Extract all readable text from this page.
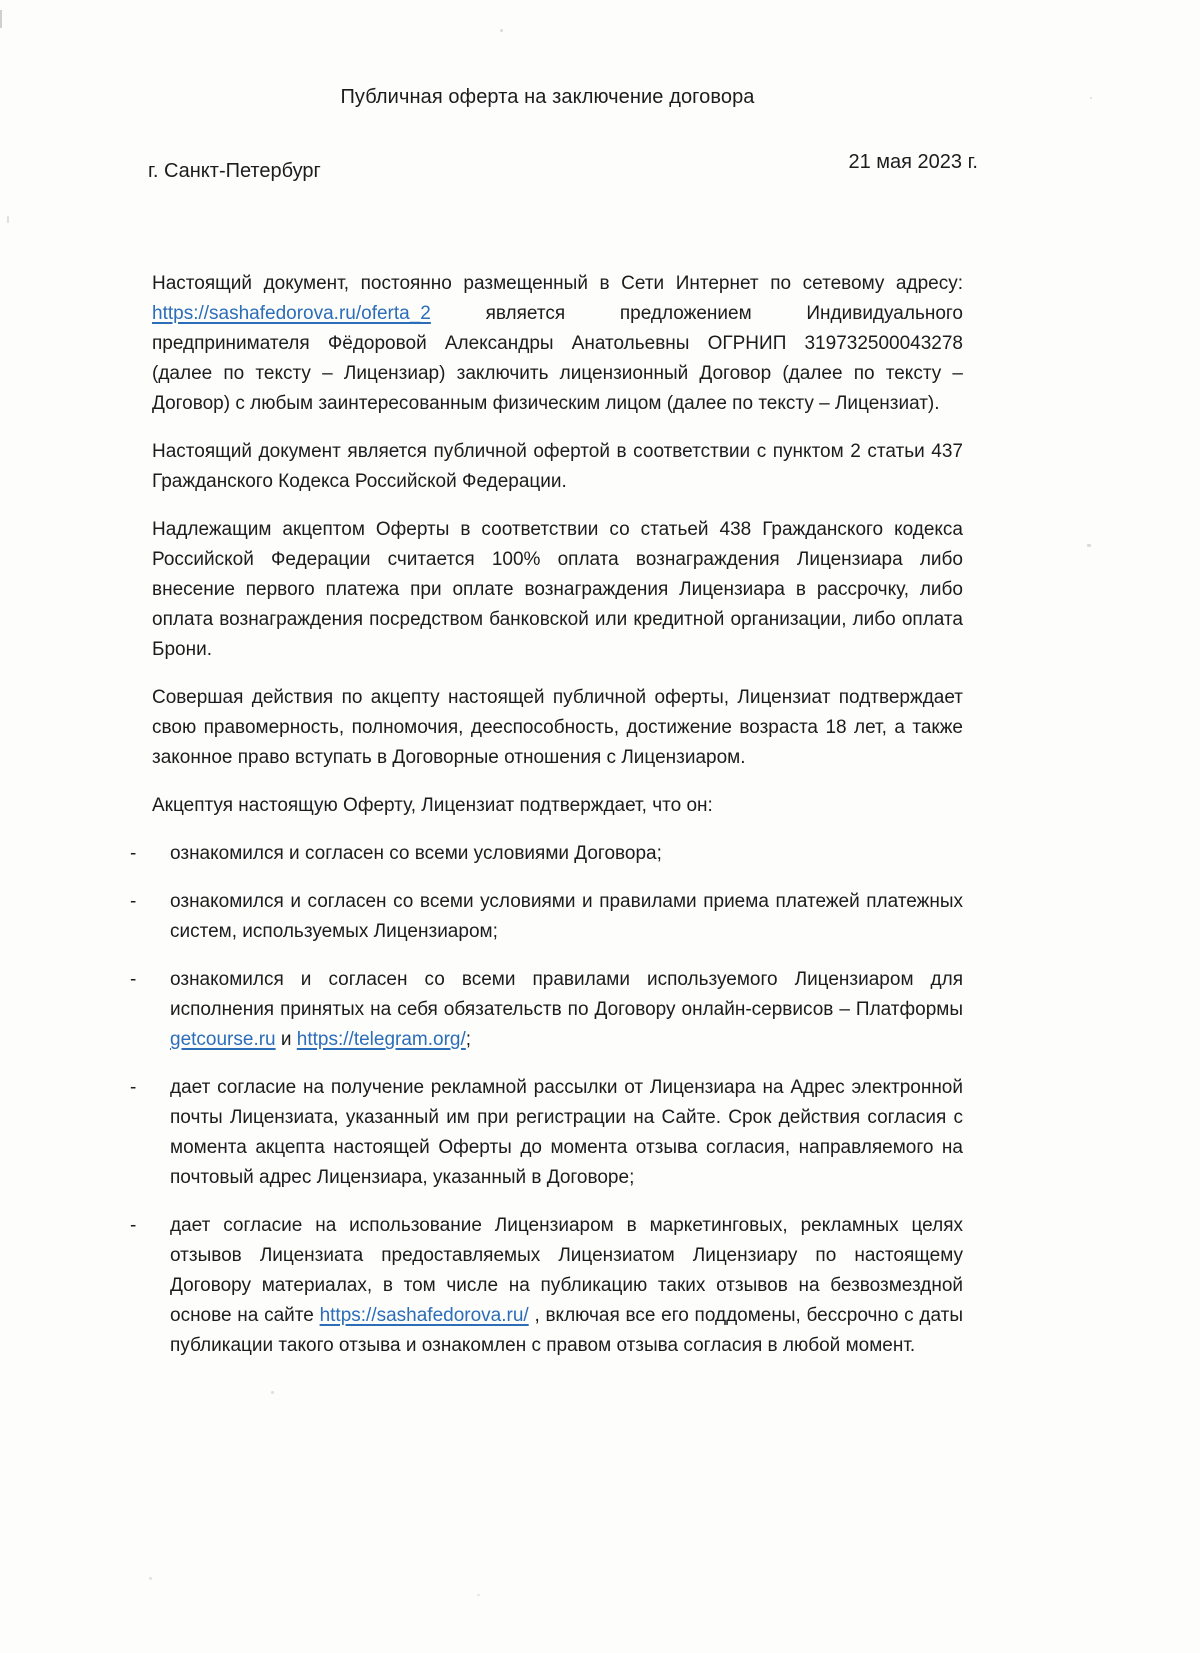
Публичная оферта на заключение договора
г. Санкт-Петербург	21 мая 2023 г.

Настоящий документ, постоянно размещенный в Сети Интернет по сетевому адресу: https://sashafedorova.ru/oferta_2 является предложением Индивидуального предпринимателя Фёдоровой Александры Анатольевны ОГРНИП 319732500043278 (далее по тексту – Лицензиар) заключить лицензионный Договор (далее по тексту – Договор) с любым заинтересованным физическим лицом (далее по тексту – Лицензиат).

Настоящий документ является публичной офертой в соответствии с пунктом 2 статьи 437 Гражданского Кодекса Российской Федерации.

Надлежащим акцептом Оферты в соответствии со статьей 438 Гражданского кодекса Российской Федерации считается 100% оплата вознаграждения Лицензиара либо внесение первого платежа при оплате вознаграждения Лицензиара в рассрочку, либо оплата вознаграждения посредством банковской или кредитной организации, либо оплата Брони.

Совершая действия по акцепту настоящей публичной оферты, Лицензиат подтверждает свою правомерность, полномочия, дееспособность, достижение возраста 18 лет, а также законное право вступать в Договорные отношения с Лицензиаром.

Акцептуя настоящую Оферту, Лицензиат подтверждает, что он:

- ознакомился и согласен со всеми условиями Договора;

- ознакомился и согласен со всеми условиями и правилами приема платежей платежных систем, используемых Лицензиаром;

- ознакомился и согласен со всеми правилами используемого Лицензиаром для исполнения принятых на себя обязательств по Договору онлайн-сервисов – Платформы getcourse.ru и https://telegram.org/;

- дает согласие на получение рекламной рассылки от Лицензиара на Адрес электронной почты Лицензиата, указанный им при регистрации на Сайте. Срок действия согласия с момента акцепта настоящей Оферты до момента отзыва согласия, направляемого на почтовый адрес Лицензиара, указанный в Договоре;

- дает согласие на использование Лицензиаром в маркетинговых, рекламных целях отзывов Лицензиата предоставляемых Лицензиатом Лицензиару по настоящему Договору материалах, в том числе на публикацию таких отзывов на безвозмездной основе на сайте https://sashafedorova.ru/ , включая все его поддомены, бессрочно с даты публикации такого отзыва и ознакомлен с правом отзыва согласия в любой момент.
